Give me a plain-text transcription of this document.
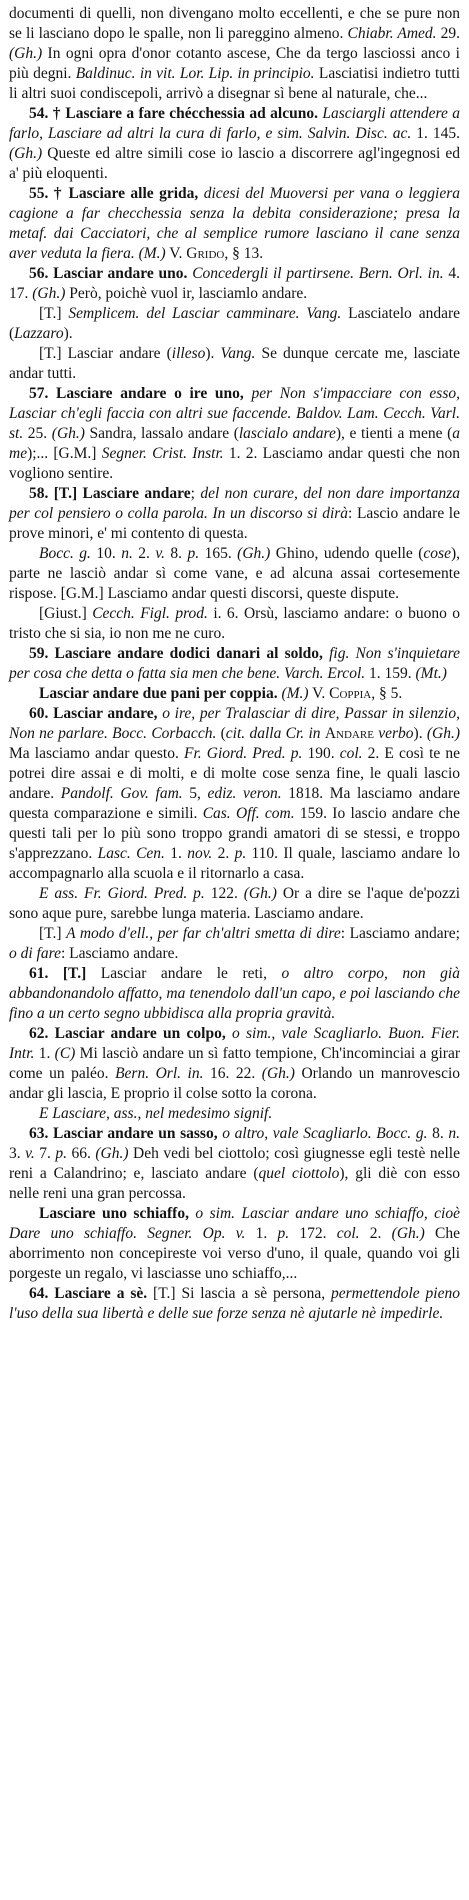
documenti di quelli, non divengano molto eccellenti, e che se pure non se li lasciano dopo le spalle, non li pareggino almeno. Chiabr. Amed. 29. (Gh.) In ogni opra d'onor cotanto ascese, Che da tergo lasciossi anco i più degni. Baldinuc. in vit. Lor. Lip. in principio. Lasciatisi indietro tutti li altri suoi condiscepoli, arrivò a disegnar sì bene al naturale, che...

54. † Lasciare a fare chécchessia ad alcuno. Lasciargli attendere a farlo, Lasciare ad altri la cura di farlo, e sim. Salvin. Disc. ac. 1. 145. (Gh.) Queste ed altre simili cose io lascio a discorrere agl'ingegnosi ed a' più eloquenti.

55. † Lasciare alle grida, dicesi del Muoversi per vana o leggiera cagione a far checchessia senza la debita considerazione; presa la metaf. dai Cacciatori, che al semplice rumore lasciano il cane senza aver veduta la fiera. (M.) V. Grido, § 13.

56. Lasciar andare uno. Concedergli il partirsene. Bern. Orl. in. 4. 17. (Gh.) Però, poichè vuol ir, lasciamlo andare.

[T.] Semplicem. del Lasciar camminare. Vang. Lasciatelo andare (Lazzaro).

[T.] Lasciar andare (illeso). Vang. Se dunque cercate me, lasciate andar tutti.

57. Lasciare andare o ire uno, per Non s'impacciare con esso, Lasciar ch'egli faccia con altri sue faccende. Baldov. Lam. Cecch. Varl. st. 25. (Gh.) Sandra, lassalo andare (lascialo andare), e tienti a mene (a me);... [G.M.] Segner. Crist. Instr. 1. 2. Lasciamo andar questi che non vogliono sentire.

58. [T.] Lasciare andare; del non curare, del non dare importanza per col pensiero o colla parola. In un discorso si dirà: Lascio andare le prove minori, e' mi contento di questa.

Bocc. g. 10. n. 2. v. 8. p. 165. (Gh.) Ghino, udendo quelle (cose), parte ne lasciò andar sì come vane, e ad alcuna assai cortesemente rispose. [G.M.] Lasciamo andar questi discorsi, queste dispute.

[Giust.] Cecch. Figl. prod. i. 6. Orsù, lasciamo andare: o buono o tristo che si sia, io non me ne curo.

59. Lasciare andare dodici danari al soldo, fig. Non s'inquietare per cosa che detta o fatta sia men che bene. Varch. Ercol. 1. 159. (Mt.)

Lasciar andare due pani per coppia. (M.) V. Coppia, § 5.

60. Lasciar andare, o ire, per Tralasciar di dire, Passar in silenzio, Non ne parlare. Bocc. Corbacch. (cit. dalla Cr. in Andare verbo). (Gh.) Ma lasciamo andar questo. Fr. Giord. Pred. p. 190. col. 2. E così te ne potrei dire assai e di molti, e di molte cose senza fine, le quali lascio andare. Pandolf. Gov. fam. 5, ediz. veron. 1818. Ma lasciamo andare questa comparazione e simili. Cas. Off. com. 159. Io lascio andare che questi tali per lo più sono troppo grandi amatori di se stessi, e troppo s'apprezzano. Lasc. Cen. 1. nov. 2. p. 110. Il quale, lasciamo andare lo accompagnarlo alla scuola e il ritornarlo a casa.

E ass. Fr. Giord. Pred. p. 122. (Gh.) Or a dire se l'aque de'pozzi sono aque pure, sarebbe lunga materia. Lasciamo andare.

[T.] A modo d'ell., per far ch'altri smetta di dire: Lasciamo andare; o di fare: Lasciamo andare.

61. [T.] Lasciar andare le reti, o altro corpo, non già abbandonandolo affatto, ma tenendolo dall'un capo, e poi lasciando che fino a un certo segno ubbidisca alla propria gravità.

62. Lasciar andare un colpo, o sim., vale Scagliarlo. Buon. Fier. Intr. 1. (C) Mi lasciò andare un sì fatto tempione, Ch'incominciai a girar come un paléo. Bern. Orl. in. 16. 22. (Gh.) Orlando un manrovescio andar gli lascia, E proprio il colse sotto la corona.

E Lasciare, ass., nel medesimo signif.

63. Lasciar andare un sasso, o altro, vale Scagliarlo. Bocc. g. 8. n. 3. v. 7. p. 66. (Gh.) Deh vedi bel ciottolo; così giugnesse egli testè nelle reni a Calandrino; e, lasciato andare (quel ciottolo), gli diè con esso nelle reni una gran percossa.

Lasciare uno schiaffo, o sim. Lasciar andare uno schiaffo, cioè Dare uno schiaffo. Segner. Op. v. 1. p. 172. col. 2. (Gh.) Che aborrimento non concepireste voi verso d'uno, il quale, quando voi gli porgeste un regalo, vi lasciasse uno schiaffo,...

64. Lasciare a sè. [T.] Si lascia a sè persona, permettendole pieno l'uso della sua libertà e delle sue forze senza nè ajutarle nè impedirle.
